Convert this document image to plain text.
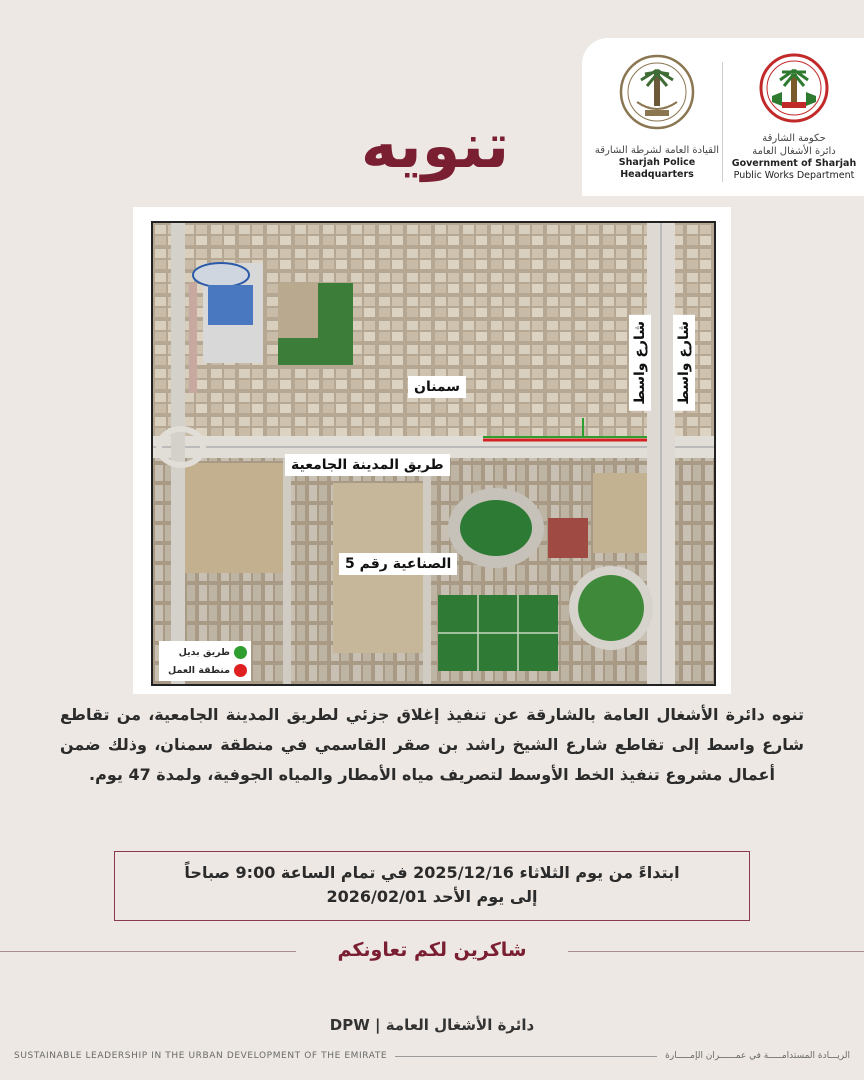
القيادة العامة لشرطة الشارقة
Sharjah Police Headquarters
حكومة الشارقة
دائرة الأشغال العامة
Government of Sharjah
Public Works Department
تنويه
شارع واسط شارع واسط
سمنان
طريق المدينة الجامعية
الصناعية رقم 5
طريق بديل
منطقة العمل
تنوه دائرة الأشغال العامة بالشارقة عن تنفيذ إغلاق جزئي لطريق المدينة الجامعية، من تقاطع شارع واسط إلى تقاطع شارع الشيخ راشد بن صقر القاسمي في منطقة سمنان، وذلك ضمن أعمال مشروع تنفيذ الخط الأوسط لتصريف مياه الأمطار والمياه الجوفية، ولمدة 47 يوم.
ابتداءً من يوم الثلاثاء 2025/12/16 في تمام الساعة 9:00 صباحاً
إلى يوم الأحد 2026/02/01
شاكرين لكم تعاونكم
دائرة الأشغال العامة | DPW
SUSTAINABLE LEADERSHIP IN THE URBAN DEVELOPMENT OF THE EMIRATE	الريـــادة المستدامـــــة في عمــــــران الإمـــــارة
